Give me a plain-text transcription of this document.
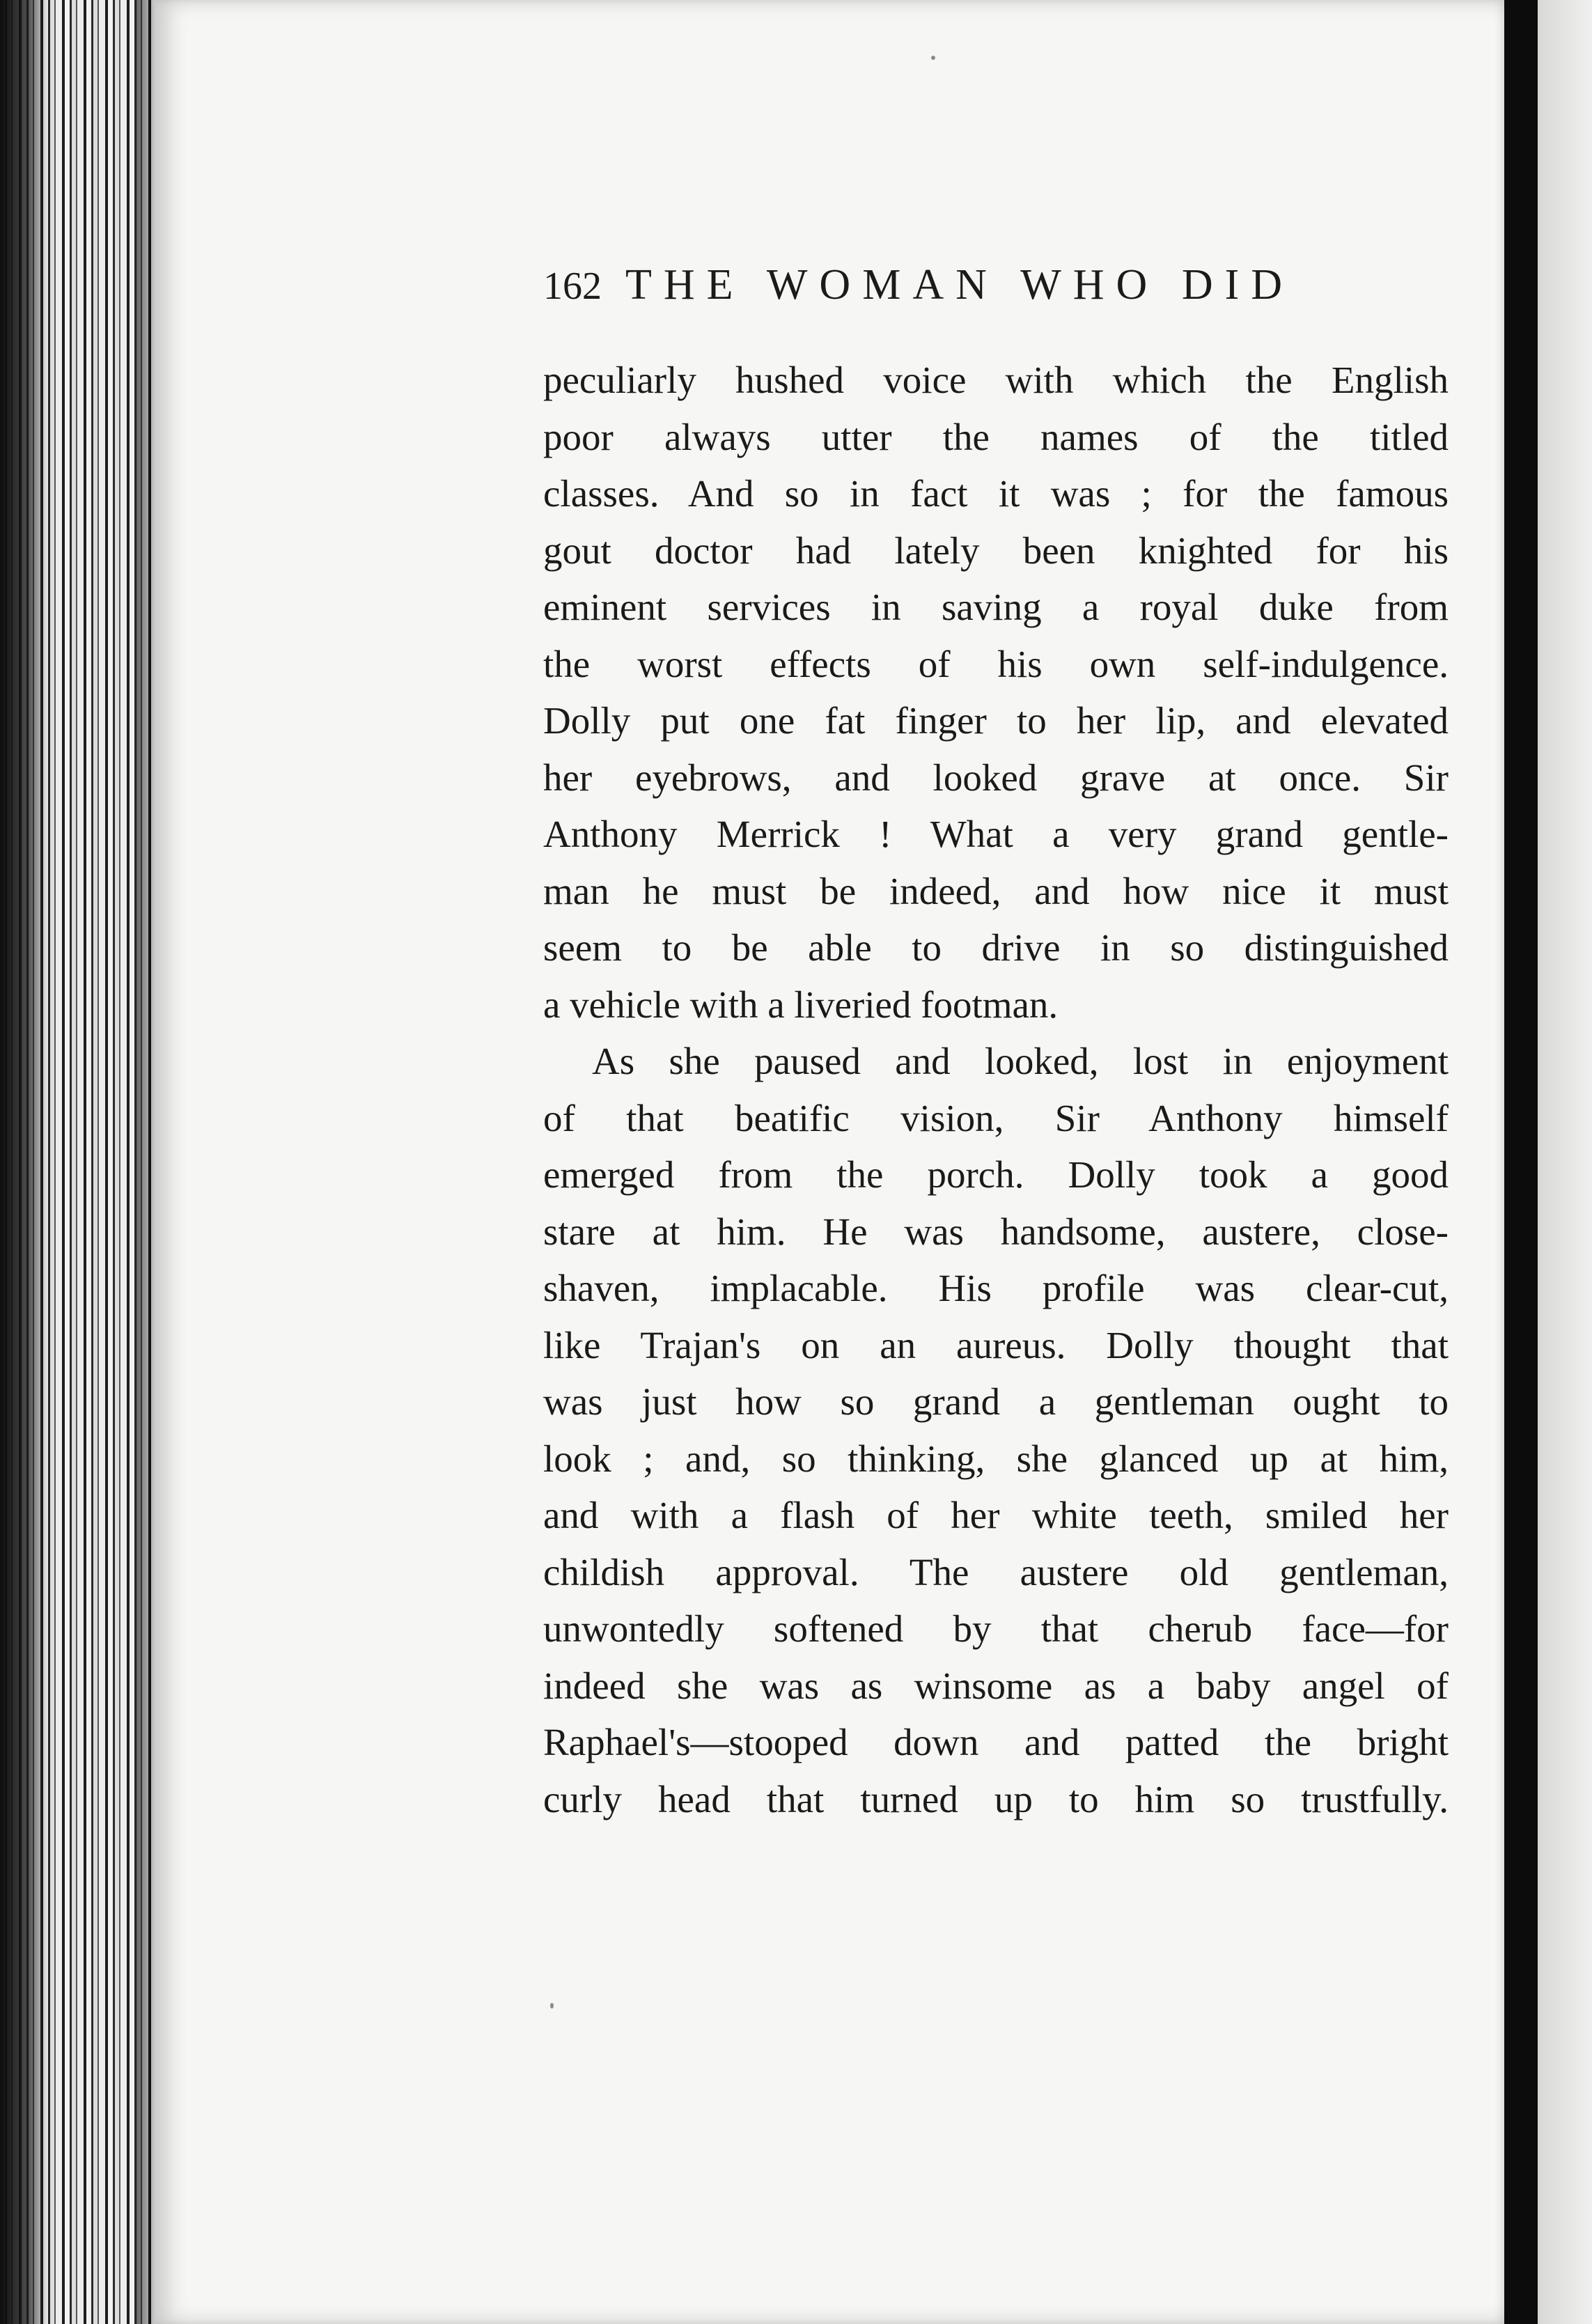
162 THE WOMAN WHO DID
peculiarly hushed voice with which the English
poor always utter the names of the titled
classes. And so in fact it was ; for the famous
gout doctor had lately been knighted for his
eminent services in saving a royal duke from
the worst effects of his own self-indulgence.
Dolly put one fat finger to her lip, and elevated
her eyebrows, and looked grave at once. Sir
Anthony Merrick ! What a very grand gentle-
man he must be indeed, and how nice it must
seem to be able to drive in so distinguished
a vehicle with a liveried footman.
As she paused and looked, lost in enjoyment
of that beatific vision, Sir Anthony himself
emerged from the porch. Dolly took a good
stare at him. He was handsome, austere, close-
shaven, implacable. His profile was clear-cut,
like Trajan's on an aureus. Dolly thought that
was just how so grand a gentleman ought to
look ; and, so thinking, she glanced up at him,
and with a flash of her white teeth, smiled her
childish approval. The austere old gentleman,
unwontedly softened by that cherub face—for
indeed she was as winsome as a baby angel of
Raphael's—stooped down and patted the bright
curly head that turned up to him so trustfully.
